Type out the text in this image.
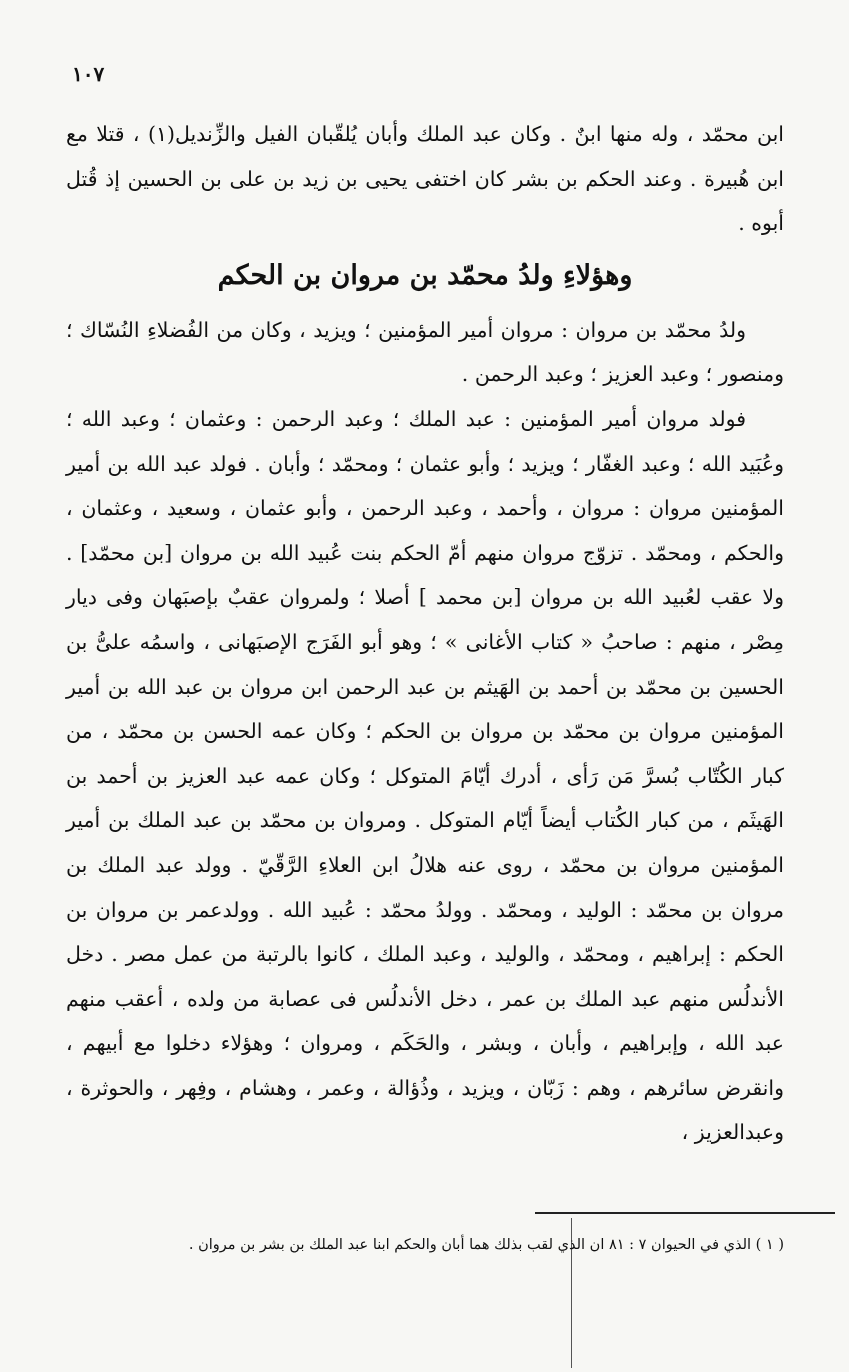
١٠٧

ابن محمّد ، وله منها ابنٌ . وكان عبد الملك وأبان يُلقّبان الفيل والزِّنديل(١) ، قتلا مع ابن هُبيرة . وعند الحكم بن بشر كان اختفى يحيى بن زيد بن على بن الحسين إذ قُتل أبوه .

وهؤلاءِ ولدُ محمّد بن مروان بن الحكم

ولدُ محمّد بن مروان : مروان أمير المؤمنين ؛ ويزيد ، وكان من الفُضلاءِ النُسّاك ؛ ومنصور ؛ وعبد العزيز ؛ وعبد الرحمن .

فولد مروان أمير المؤمنين : عبد الملك ؛ وعبد الرحمن : وعثمان ؛ وعبد الله ؛ وعُبَيد الله ؛ وعبد الغفّار ؛ ويزيد ؛ وأبو عثمان ؛ ومحمّد ؛ وأبان . فولد عبد الله بن أمير المؤمنين مروان : مروان ، وأحمد ، وعبد الرحمن ، وأبو عثمان ، وسعيد ، وعثمان ، والحكم ، ومحمّد . تزوّج مروان منهم أمّ الحكم بنت عُبيد الله بن مروان [بن محمّد] . ولا عقب لعُبيد الله بن مروان [بن محمد ] أصلا ؛ ولمروان عقبٌ بإصبَهان وفى ديار مِصْر ، منهم : صاحبُ « كتاب الأغانى » ؛ وهو أبو الفَرَج الإصبَهانى ، واسمُه علىُّ بن الحسين بن محمّد بن أحمد بن الهَيثم بن عبد الرحمن ابن مروان بن عبد الله بن أمير المؤمنين مروان بن محمّد بن مروان بن الحكم ؛ وكان عمه الحسن بن محمّد ، من كبار الكُتّاب بُسرَّ مَن رَأى ، أدرك أيّامَ المتوكل ؛ وكان عمه عبد العزيز بن أحمد بن الهَيثَم ، من كبار الكُتاب أيضاً أيّام المتوكل . ومروان بن محمّد بن عبد الملك بن أمير المؤمنين مروان بن محمّد ، روى عنه هلالُ ابن العلاءِ الرَّقّيّ . وولد عبد الملك بن مروان بن محمّد : الوليد ، ومحمّد . وولدُ محمّد : عُبيد الله . وولدعمر بن مروان بن الحكم : إبراهيم ، ومحمّد ، والوليد ، وعبد الملك ، كانوا بالرتبة من عمل مصر . دخل الأندلُس منهم عبد الملك بن عمر ، دخل الأندلُس فى عصابة من ولده ، أعقب منهم عبد الله ، وإبراهيم ، وأبان ، وبشر ، والحَكَم ، ومروان ؛ وهؤلاء دخلوا مع أبيهم ، وانقرض سائرهم ، وهم : زَبّان ، ويزيد ، وذُؤالة ، وعمر ، وهشام ، وفِهر ، والحوثرة ، وعبدالعزيز ،

( ١ ) الذي في الحيوان ٧ : ٨١ ان الذي لقب بذلك هما أبان والحكم ابنا عبد الملك بن بشر بن مروان .
